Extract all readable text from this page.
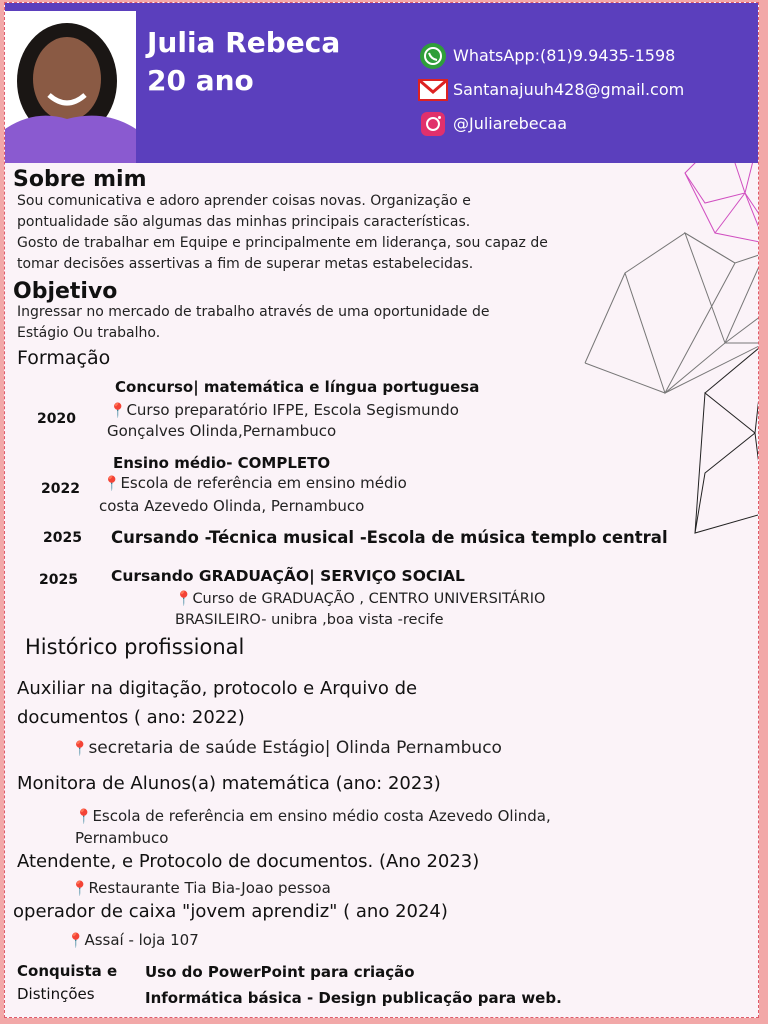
Julia Rebeca
20 ano
WhatsApp:(81)9.9435-1598
Santanajuuh428@gmail.com
@Juliarebecaa
Sobre mim
Sou comunicativa e adoro aprender coisas novas. Organização e
pontualidade são algumas das minhas principais características.
Gosto de trabalhar em Equipe e principalmente em liderança, sou capaz de
tomar decisões assertivas a fim de superar metas estabelecidas.
Objetivo
Ingressar no mercado de trabalho através de uma oportunidade de
Estágio Ou trabalho.
Formação
Concurso| matemática e língua portuguesa
2020 📍Curso preparatório IFPE, Escola Segismundo
Gonçalves Olinda,Pernambuco
Ensino médio- COMPLETO
2022 📍Escola de referência em ensino médio
costa Azevedo Olinda, Pernambuco
2025 Cursando -Técnica musical -Escola de música templo central
2025 Cursando GRADUAÇÃO| SERVIÇO SOCIAL
📍Curso de GRADUAÇÃO , CENTRO UNIVERSITÁRIO
BRASILEIRO- unibra ,boa vista -recife
Histórico profissional
Auxiliar na digitação, protocolo e Arquivo de
documentos ( ano: 2022)
📍secretaria de saúde Estágio| Olinda Pernambuco
Monitora de Alunos(a) matemática (ano: 2023)
📍Escola de referência em ensino médio costa Azevedo Olinda,
Pernambuco
Atendente, e Protocolo de documentos. (Ano 2023)
📍Restaurante Tia Bia-Joao pessoa
operador de caixa "jovem aprendiz" ( ano 2024)
📍Assaí - loja 107
Conquista e
Distinções
Uso do PowerPoint para criação
Informática básica - Design publicação para web.
